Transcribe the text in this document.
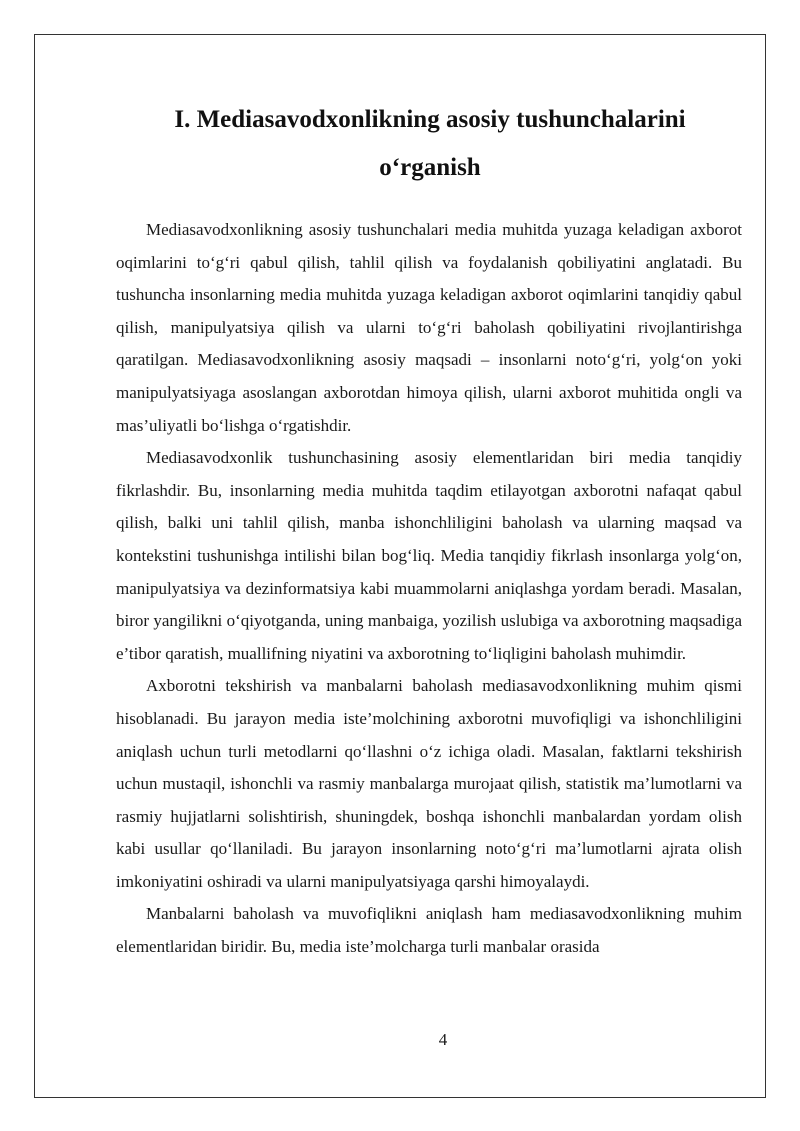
I. Mediasavodxonlikning asosiy tushunchalarini
o‘rganish

Mediasavodxonlikning asosiy tushunchalari media muhitda yuzaga keladigan axborot oqimlarini to‘g‘ri qabul qilish, tahlil qilish va foydalanish qobiliyatini anglatadi. Bu tushuncha insonlarning media muhitda yuzaga keladigan axborot oqimlarini tanqidiy qabul qilish, manipulyatsiya qilish va ularni to‘g‘ri baholash qobiliyatini rivojlantirishga qaratilgan. Mediasavodxonlikning asosiy maqsadi – insonlarni noto‘g‘ri, yolg‘on yoki manipulyatsiyaga asoslangan axborotdan himoya qilish, ularni axborot muhitida ongli va mas’uliyatli bo‘lishga o‘rgatishdir.

Mediasavodxonlik tushunchasining asosiy elementlaridan biri media tanqidiy fikrlashdir. Bu, insonlarning media muhitda taqdim etilayotgan axborotni nafaqat qabul qilish, balki uni tahlil qilish, manba ishonchliligini baholash va ularning maqsad va kontekstini tushunishga intilishi bilan bog‘liq. Media tanqidiy fikrlash insonlarga yolg‘on, manipulyatsiya va dezinformatsiya kabi muammolarni aniqlashga yordam beradi. Masalan, biror yangilikni o‘qiyotganda, uning manbaiga, yozilish uslubiga va axborotning maqsadiga e’tibor qaratish, muallifning niyatini va axborotning to‘liqligini baholash muhimdir.

Axborotni tekshirish va manbalarni baholash mediasavodxonlikning muhim qismi hisoblanadi. Bu jarayon media iste’molchining axborotni muvofiqligi va ishonchliligini aniqlash uchun turli metodlarni qo‘llashni o‘z ichiga oladi. Masalan, faktlarni tekshirish uchun mustaqil, ishonchli va rasmiy manbalarga murojaat qilish, statistik ma’lumotlarni va rasmiy hujjatlarni solishtirish, shuningdek, boshqa ishonchli manbalardan yordam olish kabi usullar qo‘llaniladi. Bu jarayon insonlarning noto‘g‘ri ma’lumotlarni ajrata olish imkoniyatini oshiradi va ularni manipulyatsiyaga qarshi himoyalaydi.

Manbalarni baholash va muvofiqlikni aniqlash ham mediasavodxonlikning muhim elementlaridan biridir. Bu, media iste’molcharga turli manbalar orasida

4
